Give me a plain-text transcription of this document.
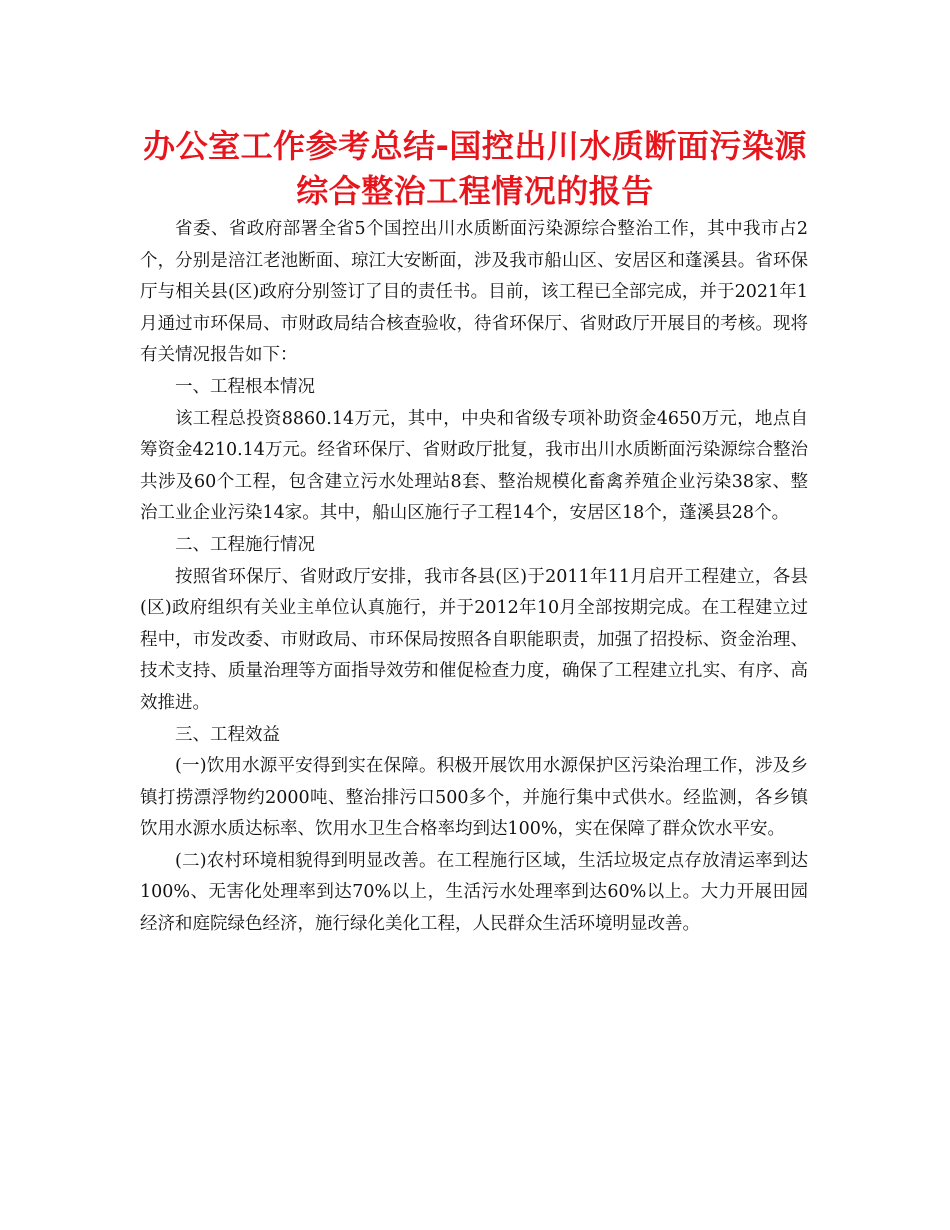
办公室工作参考总结-国控出川水质断面污染源综合整治工程情况的报告

省委、省政府部署全省5个国控出川水质断面污染源综合整治工作，其中我市占2个，分别是涪江老池断面、琼江大安断面，涉及我市船山区、安居区和蓬溪县。省环保厅与相关县(区)政府分别签订了目的责任书。目前，该工程已全部完成，并于2021年1月通过市环保局、市财政局结合核查验收，待省环保厅、省财政厅开展目的考核。现将有关情况报告如下：

一、工程根本情况

该工程总投资8860.14万元，其中，中央和省级专项补助资金4650万元，地点自筹资金4210.14万元。经省环保厅、省财政厅批复，我市出川水质断面污染源综合整治共涉及60个工程，包含建立污水处理站8套、整治规模化畜禽养殖企业污染38家、整治工业企业污染14家。其中，船山区施行子工程14个，安居区18个，蓬溪县28个。

二、工程施行情况

按照省环保厅、省财政厅安排，我市各县(区)于2011年11月启开工程建立，各县(区)政府组织有关业主单位认真施行，并于2012年10月全部按期完成。在工程建立过程中，市发改委、市财政局、市环保局按照各自职能职责，加强了招投标、资金治理、技术支持、质量治理等方面指导效劳和催促检查力度，确保了工程建立扎实、有序、高效推进。

三、工程效益

(一)饮用水源平安得到实在保障。积极开展饮用水源保护区污染治理工作，涉及乡镇打捞漂浮物约2000吨、整治排污口500多个，并施行集中式供水。经监测，各乡镇饮用水源水质达标率、饮用水卫生合格率均到达100%，实在保障了群众饮水平安。

(二)农村环境相貌得到明显改善。在工程施行区域，生活垃圾定点存放清运率到达100%、无害化处理率到达70%以上，生活污水处理率到达60%以上。大力开展田园经济和庭院绿色经济，施行绿化美化工程，人民群众生活环境明显改善。
